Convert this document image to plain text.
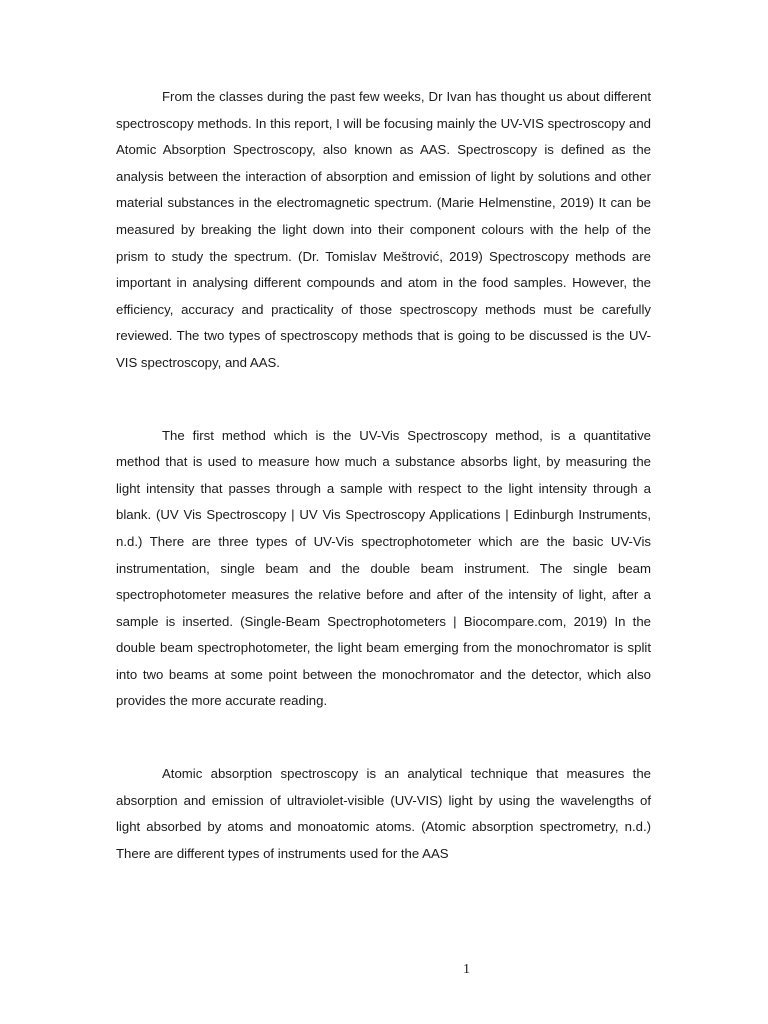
From the classes during the past few weeks, Dr Ivan has thought us about different spectroscopy methods. In this report, I will be focusing mainly the UV-VIS spectroscopy and Atomic Absorption Spectroscopy, also known as AAS. Spectroscopy is defined as the analysis between the interaction of absorption and emission of light by solutions and other material substances in the electromagnetic spectrum. (Marie Helmenstine, 2019) It can be measured by breaking the light down into their component colours with the help of the prism to study the spectrum. (Dr. Tomislav Meštrović, 2019) Spectroscopy methods are important in analysing different compounds and atom in the food samples. However, the efficiency, accuracy and practicality of those spectroscopy methods must be carefully reviewed. The two types of spectroscopy methods that is going to be discussed is the UV-VIS spectroscopy, and AAS.

The first method which is the UV-Vis Spectroscopy method, is a quantitative method that is used to measure how much a substance absorbs light, by measuring the light intensity that passes through a sample with respect to the light intensity through a blank. (UV Vis Spectroscopy | UV Vis Spectroscopy Applications | Edinburgh Instruments, n.d.) There are three types of UV-Vis spectrophotometer which are the basic UV-Vis instrumentation, single beam and the double beam instrument. The single beam spectrophotometer measures the relative before and after of the intensity of light, after a sample is inserted. (Single-Beam Spectrophotometers | Biocompare.com, 2019) In the double beam spectrophotometer, the light beam emerging from the monochromator is split into two beams at some point between the monochromator and the detector, which also provides the more accurate reading.

Atomic absorption spectroscopy is an analytical technique that measures the absorption and emission of ultraviolet-visible (UV-VIS) light by using the wavelengths of light absorbed by atoms and monoatomic atoms. (Atomic absorption spectrometry, n.d.) There are different types of instruments used for the AAS

1
